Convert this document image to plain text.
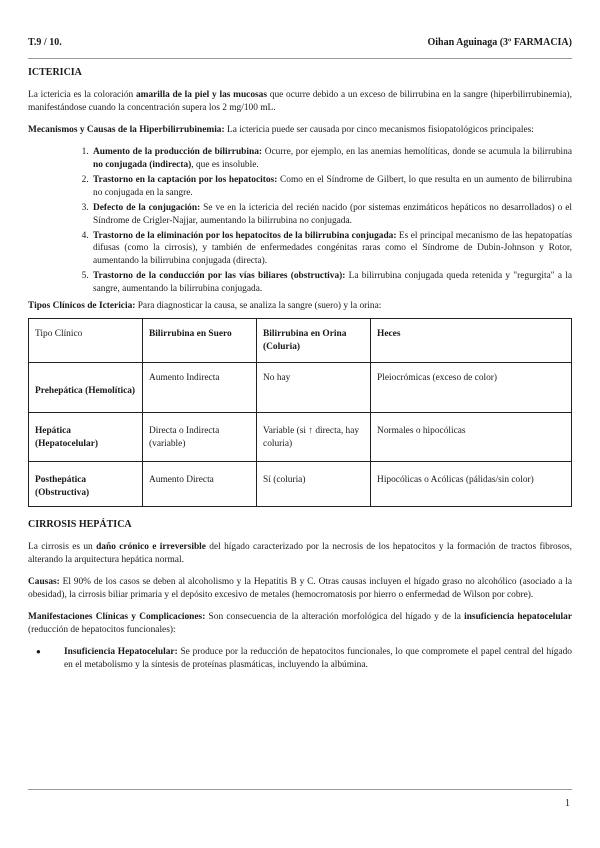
T.9 / 10.	Oihan Aguinaga (3º FARMACIA)
ICTERICIA

La ictericia es la coloración amarilla de la piel y las mucosas que ocurre debido a un exceso de bilirrubina en la sangre (hiperbilirrubinemia), manifestándose cuando la concentración supera los 2 mg/100 mL.

Mecanismos y Causas de la Hiperbilirrubinemia: La ictericia puede ser causada por cinco mecanismos fisiopatológicos principales:

1. Aumento de la producción de bilirrubina: Ocurre, por ejemplo, en las anemias hemolíticas, donde se acumula la bilirrubina no conjugada (indirecta), que es insoluble.
2. Trastorno en la captación por los hepatocitos: Como en el Síndrome de Gilbert, lo que resulta en un aumento de bilirrubina no conjugada en la sangre.
3. Defecto de la conjugación: Se ve en la ictericia del recién nacido (por sistemas enzimáticos hepáticos no desarrollados) o el Síndrome de Crigler-Najjar, aumentando la bilirrubina no conjugada.
4. Trastorno de la eliminación por los hepatocitos de la bilirrubina conjugada: Es el principal mecanismo de las hepatopatías difusas (como la cirrosis), y también de enfermedades congénitas raras como el Síndrome de Dubin-Johnson y Rotor, aumentando la bilirrubina conjugada (directa).
5. Trastorno de la conducción por las vías biliares (obstructiva): La bilirrubina conjugada queda retenida y "regurgita" a la sangre, aumentando la bilirrubina conjugada.

Tipos Clínicos de Ictericia: Para diagnosticar la causa, se analiza la sangre (suero) y la orina:

Tipo Clínico	Bilirrubina en Suero	Bilirrubina en Orina (Coluria)	Heces
Prehepática (Hemolítica)	Aumento Indirecta	No hay	Pleiocrómicas (exceso de color)
Hepática (Hepatocelular)	Directa o Indirecta (variable)	Variable (si ↑ directa, hay coluria)	Normales o hipocólicas
Posthepática (Obstructiva)	Aumento Directa	Sí (coluria)	Hipocólicas o Acólicas (pálidas/sin color)
CIRROSIS HEPÁTICA

La cirrosis es un daño crónico e irreversible del hígado caracterizado por la necrosis de los hepatocitos y la formación de tractos fibrosos, alterando la arquitectura hepática normal.

Causas: El 90% de los casos se deben al alcoholismo y la Hepatitis B y C. Otras causas incluyen el hígado graso no alcohólico (asociado a la obesidad), la cirrosis biliar primaria y el depósito excesivo de metales (hemocromatosis por hierro o enfermedad de Wilson por cobre).

Manifestaciones Clínicas y Complicaciones: Son consecuencia de la alteración morfológica del hígado y de la insuficiencia hepatocelular (reducción de hepatocitos funcionales):

● Insuficiencia Hepatocelular: Se produce por la reducción de hepatocitos funcionales, lo que compromete el papel central del hígado en el metabolismo y la síntesis de proteínas plasmáticas, incluyendo la albúmina.
1
